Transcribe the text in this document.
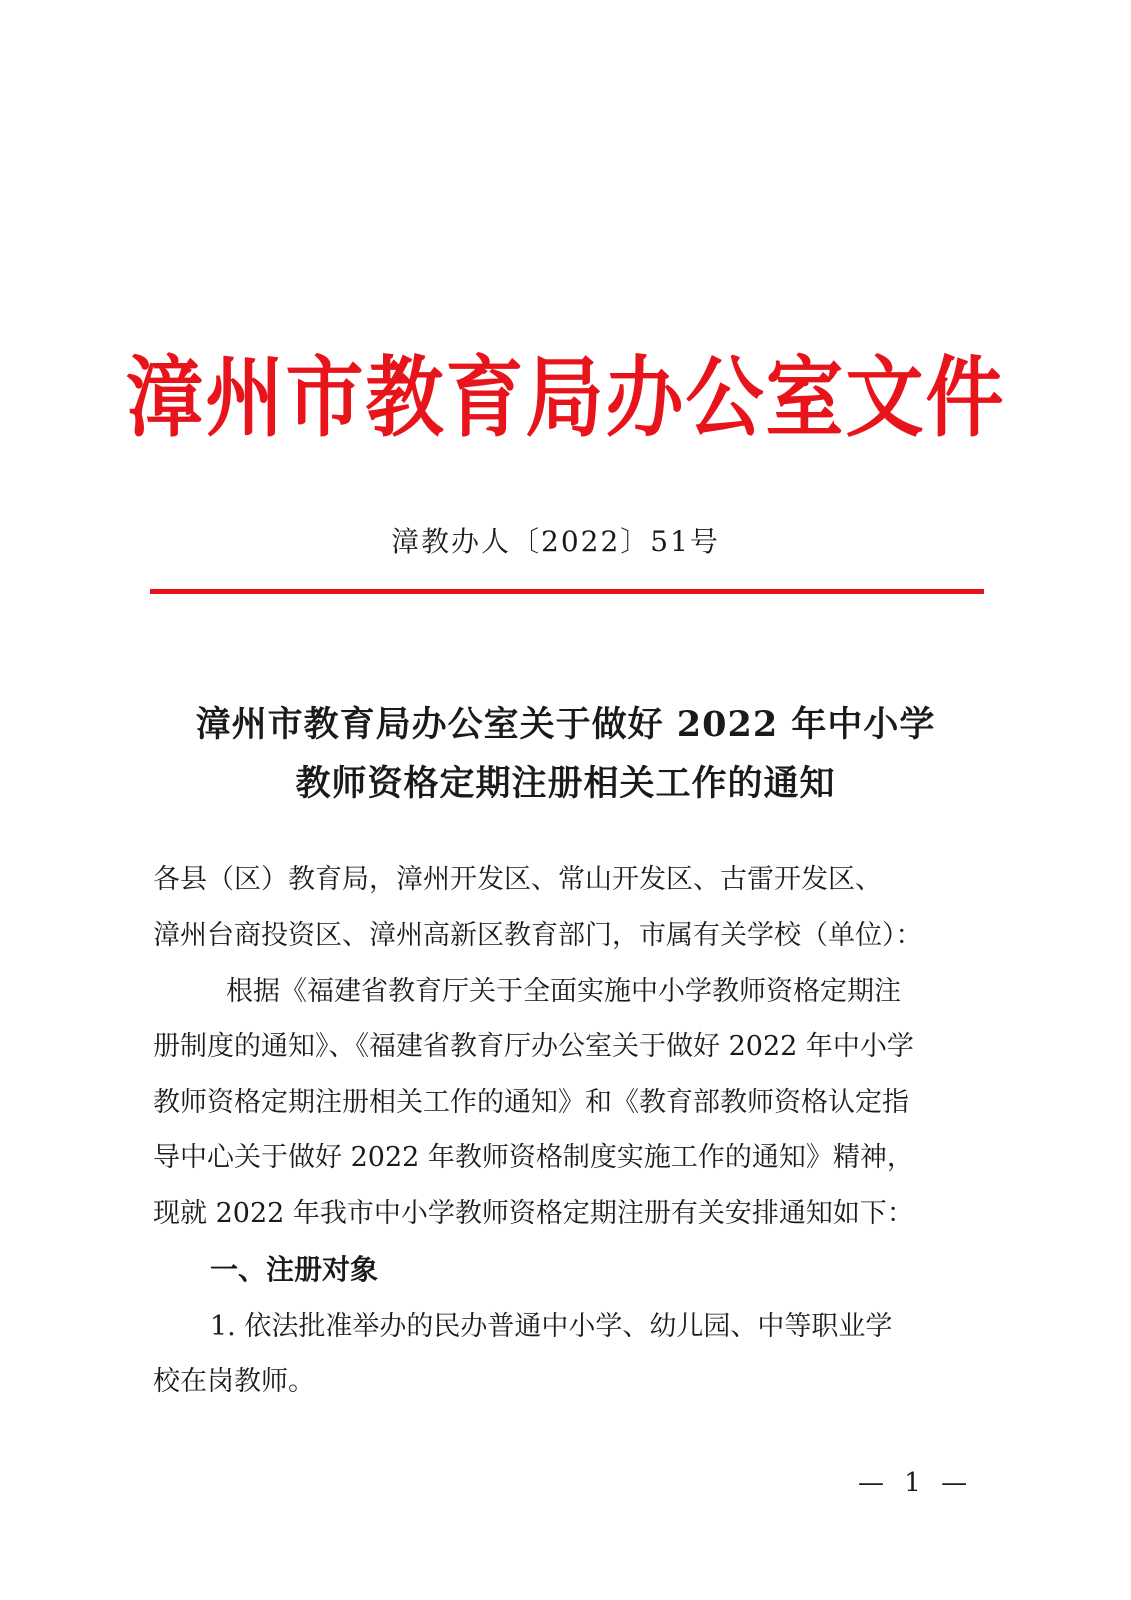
漳州市教育局办公室文件
漳教办人〔2022〕51号
漳州市教育局办公室关于做好 2022 年中小学
教师资格定期注册相关工作的通知
各县（区）教育局，漳州开发区、常山开发区、古雷开发区、
漳州台商投资区、漳州高新区教育部门，市属有关学校（单位）：
根据《福建省教育厅关于全面实施中小学教师资格定期注
册制度的通知》、《福建省教育厅办公室关于做好 2022 年中小学
教师资格定期注册相关工作的通知》和《教育部教师资格认定指
导中心关于做好 2022 年教师资格制度实施工作的通知》精神，
现就 2022 年我市中小学教师资格定期注册有关安排通知如下：
一、注册对象
1. 依法批准举办的民办普通中小学、幼儿园、中等职业学
校在岗教师。
— 1 —
